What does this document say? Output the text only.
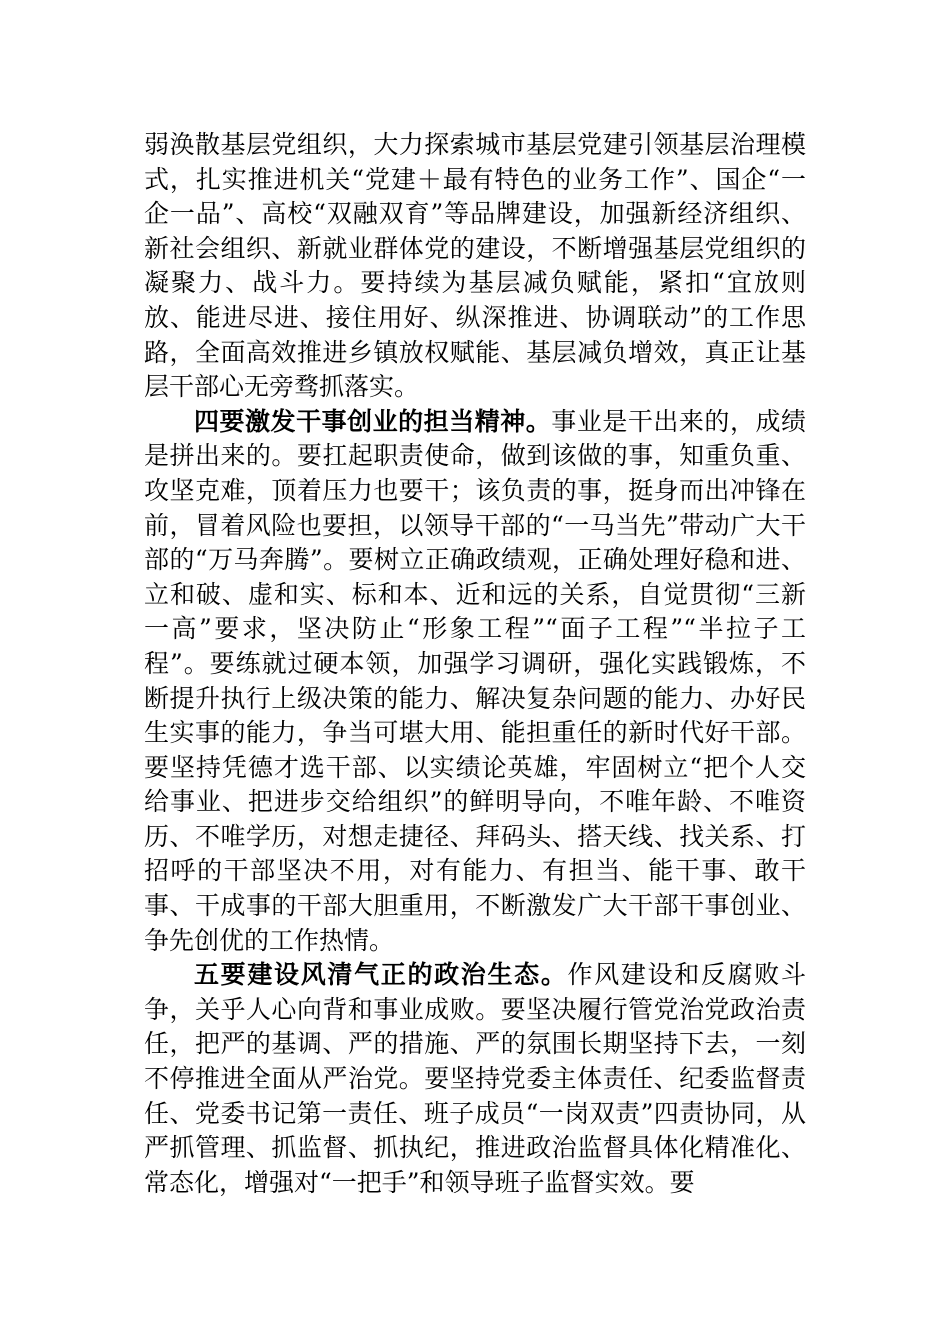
弱涣散基层党组织，大力探索城市基层党建引领基层治理模式，扎实推进机关“党建＋最有特色的业务工作”、国企“一企一品”、高校“双融双育”等品牌建设，加强新经济组织、新社会组织、新就业群体党的建设，不断增强基层党组织的凝聚力、战斗力。要持续为基层减负赋能，紧扣“宜放则放、能进尽进、接住用好、纵深推进、协调联动”的工作思路，全面高效推进乡镇放权赋能、基层减负增效，真正让基层干部心无旁骛抓落实。

四要激发干事创业的担当精神。事业是干出来的，成绩是拼出来的。要扛起职责使命，做到该做的事，知重负重、攻坚克难，顶着压力也要干；该负责的事，挺身而出冲锋在前，冒着风险也要担，以领导干部的“一马当先”带动广大干部的“万马奔腾”。要树立正确政绩观，正确处理好稳和进、立和破、虚和实、标和本、近和远的关系，自觉贯彻“三新一高”要求，坚决防止“形象工程”“面子工程”“半拉子工程”。要练就过硬本领，加强学习调研，强化实践锻炼，不断提升执行上级决策的能力、解决复杂问题的能力、办好民生实事的能力，争当可堪大用、能担重任的新时代好干部。要坚持凭德才选干部、以实绩论英雄，牢固树立“把个人交给事业、把进步交给组织”的鲜明导向，不唯年龄、不唯资历、不唯学历，对想走捷径、拜码头、搭天线、找关系、打招呼的干部坚决不用，对有能力、有担当、能干事、敢干事、干成事的干部大胆重用，不断激发广大干部干事创业、争先创优的工作热情。

五要建设风清气正的政治生态。作风建设和反腐败斗争，关乎人心向背和事业成败。要坚决履行管党治党政治责任，把严的基调、严的措施、严的氛围长期坚持下去，一刻不停推进全面从严治党。要坚持党委主体责任、纪委监督责任、党委书记第一责任、班子成员“一岗双责”四责协同，从严抓管理、抓监督、抓执纪，推进政治监督具体化精准化、常态化，增强对“一把手”和领导班子监督实效。要
